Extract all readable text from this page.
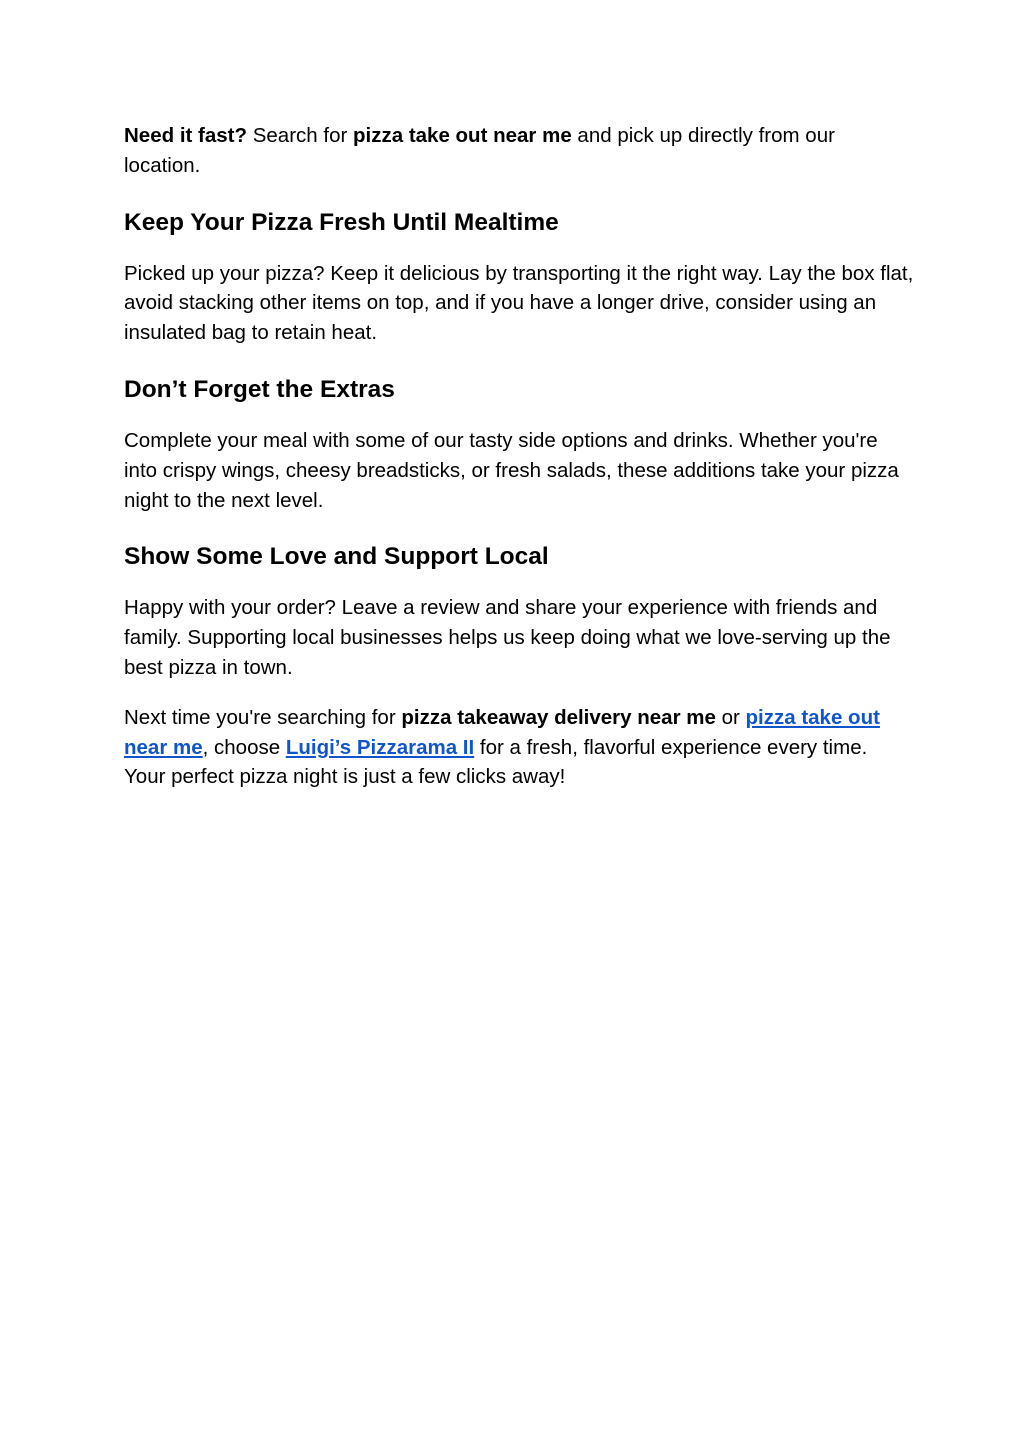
Need it fast? Search for pizza take out near me and pick up directly from our location.

Keep Your Pizza Fresh Until Mealtime

Picked up your pizza? Keep it delicious by transporting it the right way. Lay the box flat, avoid stacking other items on top, and if you have a longer drive, consider using an insulated bag to retain heat.

Don’t Forget the Extras

Complete your meal with some of our tasty side options and drinks. Whether you're into crispy wings, cheesy breadsticks, or fresh salads, these additions take your pizza night to the next level.

Show Some Love and Support Local

Happy with your order? Leave a review and share your experience with friends and family. Supporting local businesses helps us keep doing what we love-serving up the best pizza in town.

Next time you're searching for pizza takeaway delivery near me or pizza take out near me, choose Luigi’s Pizzarama II for a fresh, flavorful experience every time. Your perfect pizza night is just a few clicks away!
